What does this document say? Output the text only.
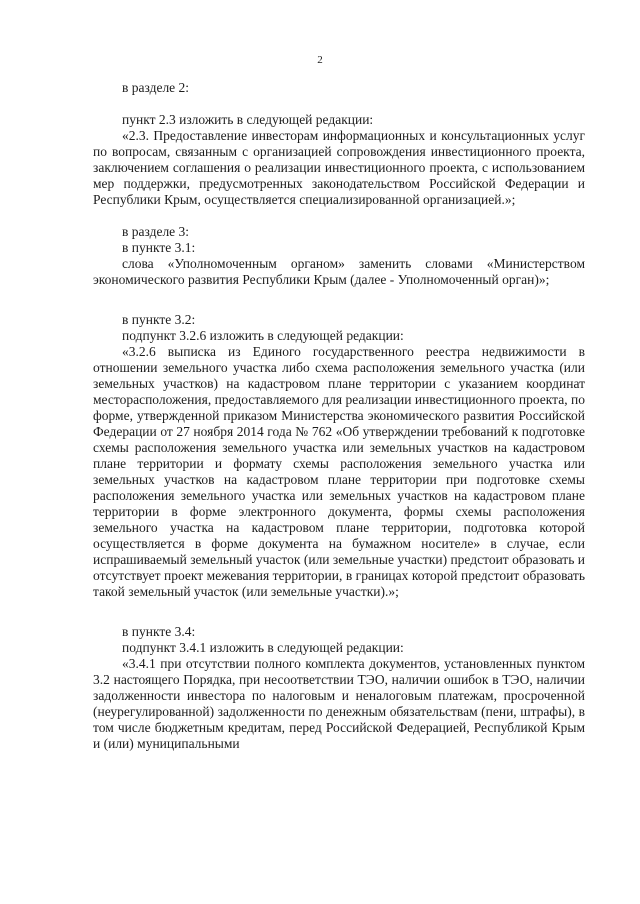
2

в разделе 2:

пункт 2.3 изложить в следующей редакции:

«2.3. Предоставление инвесторам информационных и консультационных услуг по вопросам, связанным с организацией сопровождения инвестиционного проекта, заключением соглашения о реализации инвестиционного проекта, с использованием мер поддержки, предусмотренных законодательством Российской Федерации и Республики Крым, осуществляется специализированной организацией.»;

в разделе 3:

в пункте 3.1:

слова «Уполномоченным органом» заменить словами «Министерством экономического развития Республики Крым (далее - Уполномоченный орган)»;

в пункте 3.2:

подпункт 3.2.6 изложить в следующей редакции:

«3.2.6 выписка из Единого государственного реестра недвижимости в отношении земельного участка либо схема расположения земельного участка (или земельных участков) на кадастровом плане территории с указанием координат месторасположения, предоставляемого для реализации инвестиционного проекта, по форме, утвержденной приказом Министерства экономического развития Российской Федерации от 27 ноября 2014 года № 762 «Об утверждении требований к подготовке схемы расположения земельного участка или земельных участков на кадастровом плане территории и формату схемы расположения земельного участка или земельных участков на кадастровом плане территории при подготовке схемы расположения земельного участка или земельных участков на кадастровом плане территории в форме электронного документа, формы схемы расположения земельного участка на кадастровом плане территории, подготовка которой осуществляется в форме документа на бумажном носителе» в случае, если испрашиваемый земельный участок (или земельные участки) предстоит образовать и отсутствует проект межевания территории, в границах которой предстоит образовать такой земельный участок (или земельные участки).»;

в пункте 3.4:

подпункт 3.4.1 изложить в следующей редакции:

«3.4.1 при отсутствии полного комплекта документов, установленных пунктом 3.2 настоящего Порядка, при несоответствии ТЭО, наличии ошибок в ТЭО, наличии задолженности инвестора по налоговым и неналоговым платежам, просроченной (неурегулированной) задолженности по денежным обязательствам (пени, штрафы), в том числе бюджетным кредитам, перед Российской Федерацией, Республикой Крым и (или) муниципальными
